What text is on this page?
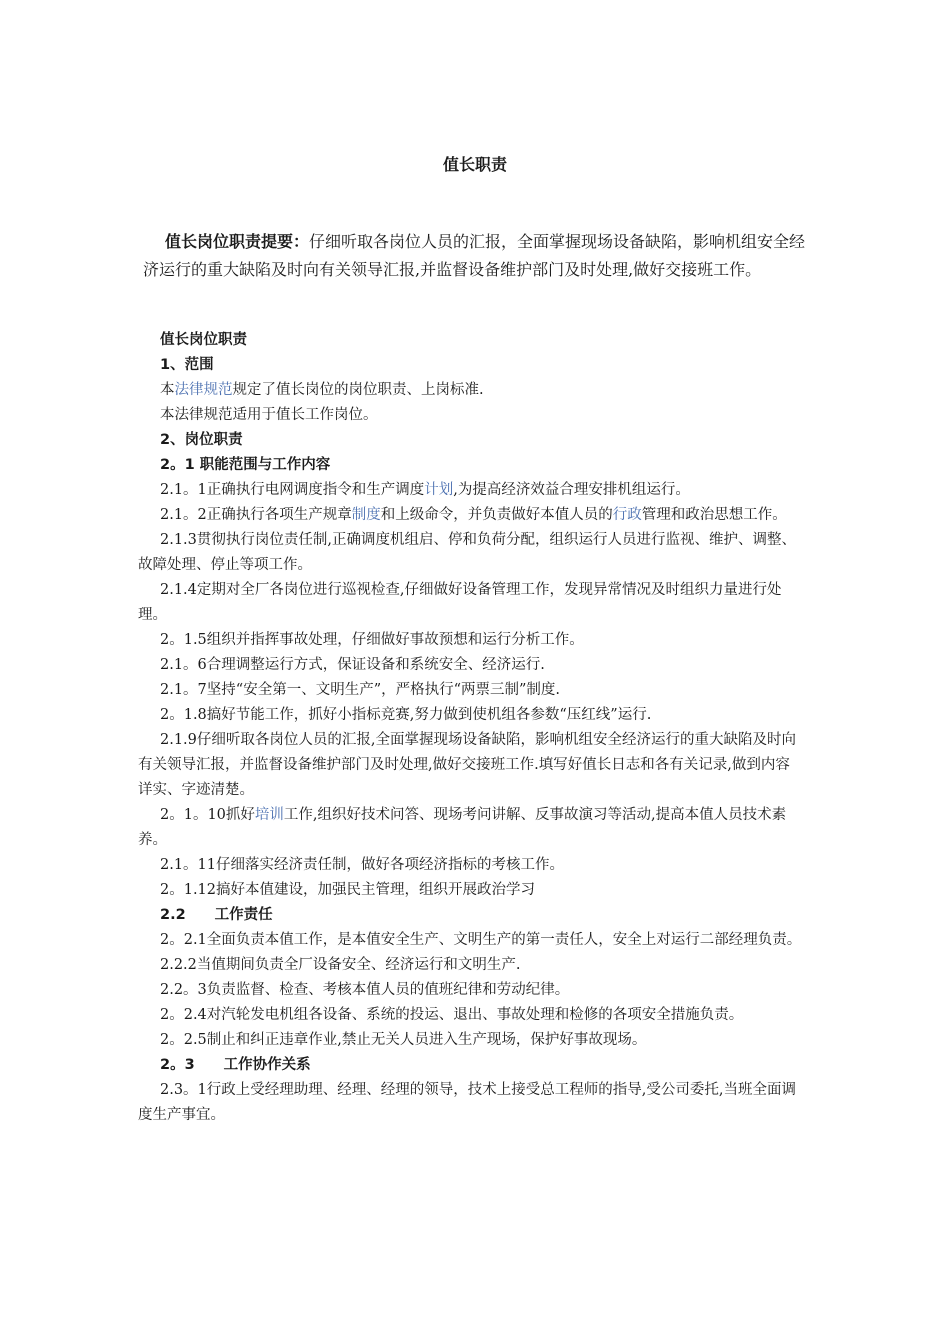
值长职责
值长岗位职责提要：仔细听取各岗位人员的汇报，全面掌握现场设备缺陷，影响机组安全经济运行的重大缺陷及时向有关领导汇报,并监督设备维护部门及时处理,做好交接班工作。

值长岗位职责

1、范围

本法律规范规定了值长岗位的岗位职责、上岗标准.

本法律规范适用于值长工作岗位。

2、岗位职责

2。1 职能范围与工作内容

2.1。1正确执行电网调度指令和生产调度计划,为提高经济效益合理安排机组运行。

2.1。2正确执行各项生产规章制度和上级命令，并负责做好本值人员的行政管理和政治思想工作。

2.1.3贯彻执行岗位责任制,正确调度机组启、停和负荷分配，组织运行人员进行监视、维护、调整、故障处理、停止等项工作。

2.1.4定期对全厂各岗位进行巡视检查,仔细做好设备管理工作，发现异常情况及时组织力量进行处理。

2。1.5组织并指挥事故处理，仔细做好事故预想和运行分析工作。

2.1。6合理调整运行方式，保证设备和系统安全、经济运行.

2.1。7坚持“安全第一、文明生产”，严格执行“两票三制”制度.

2。1.8搞好节能工作，抓好小指标竞赛,努力做到使机组各参数“压红线”运行.

2.1.9仔细听取各岗位人员的汇报,全面掌握现场设备缺陷，影响机组安全经济运行的重大缺陷及时向有关领导汇报，并监督设备维护部门及时处理,做好交接班工作.填写好值长日志和各有关记录,做到内容详实、字迹清楚。

2。1。10抓好培训工作,组织好技术问答、现场考问讲解、反事故演习等活动,提高本值人员技术素养。

2.1。11仔细落实经济责任制，做好各项经济指标的考核工作。

2。1.12搞好本值建设，加强民主管理，组织开展政治学习

2.2　　工作责任

2。2.1全面负责本值工作，是本值安全生产、文明生产的第一责任人，安全上对运行二部经理负责。

2.2.2当值期间负责全厂设备安全、经济运行和文明生产.

2.2。3负责监督、检查、考核本值人员的值班纪律和劳动纪律。

2。2.4对汽轮发电机组各设备、系统的投运、退出、事故处理和检修的各项安全措施负责。

2。2.5制止和纠正违章作业,禁止无关人员进入生产现场，保护好事故现场。

2。3　　工作协作关系

2.3。1行政上受经理助理、经理、经理的领导，技术上接受总工程师的指导,受公司委托,当班全面调度生产事宜。
